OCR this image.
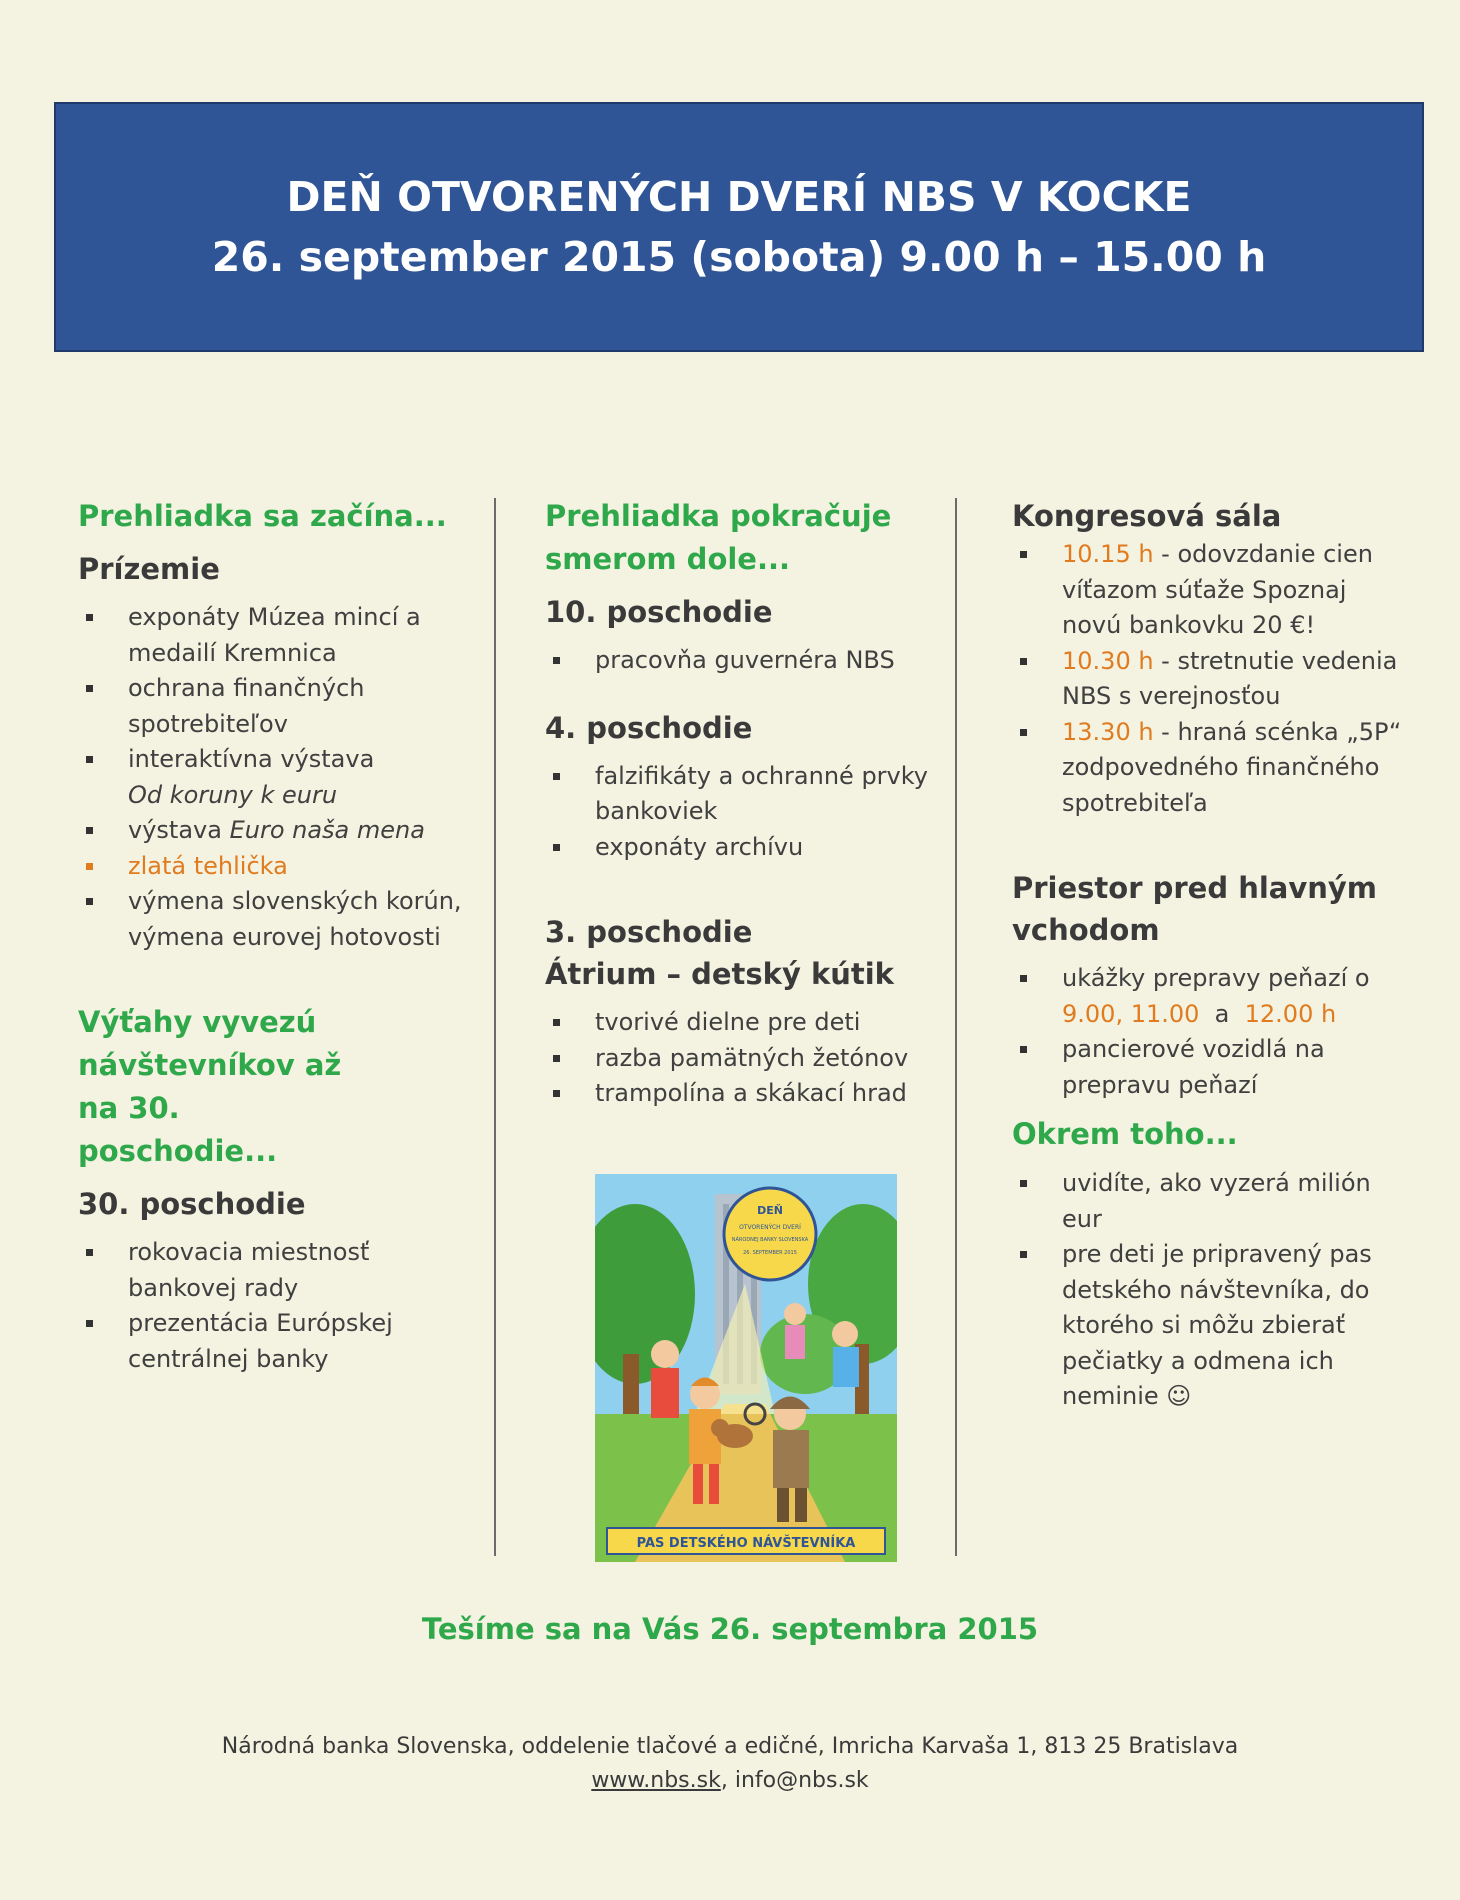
DEŇ OTVORENÝCH DVERÍ NBS V KOCKE
26. september 2015 (sobota) 9.00 h – 15.00 h

Prehliadka sa začína...

Prízemie

exponáty Múzea mincí a medailí Kremnica
ochrana finančných spotrebiteľov
interaktívna výstava
Od koruny k euru
výstava Euro naša mena
zlatá tehlička
výmena slovenských korún, výmena eurovej hotovosti

Výťahy vyvezú návštevníkov až na 30. poschodie...

30. poschodie

rokovacia miestnosť bankovej rady
prezentácia Európskej centrálnej banky

Prehliadka pokračuje smerom dole...

10. poschodie

pracovňa guvernéra NBS

4. poschodie

falzifikáty a ochranné prvky bankoviek
exponáty archívu

3. poschodie

Átrium – detský kútik

tvorivé dielne pre deti
razba pamätných žetónov
trampolína a skákací hrad
DEŇ
OTVORENÝCH DVERÍ
NÁRODNEJ BANKY SLOVENSKA
26. SEPTEMBER 2015
PAS DETSKÉHO NÁVŠTEVNÍKA

Kongresová sála

10.15 h - odovzdanie cien víťazom súťaže Spoznaj novú bankovku 20 €!
10.30 h - stretnutie vedenia NBS s verejnosťou
13.30 h - hraná scénka „5P“ zodpovedného finančného spotrebiteľa

Priestor pred hlavným vchodom

ukážky prepravy peňazí o 9.00, 11.00  a  12.00 h
pancierové vozidlá na prepravu peňazí

Okrem toho...

uvidíte, ako vyzerá milión eur
pre deti je pripravený pas detského návštevníka, do ktorého si môžu zbierať pečiatky a odmena ich neminie ☺
Tešíme sa na Vás 26. septembra 2015
Národná banka Slovenska, oddelenie tlačové a edičné, Imricha Karvaša 1, 813 25 Bratislava
www.nbs.sk, info@nbs.sk
